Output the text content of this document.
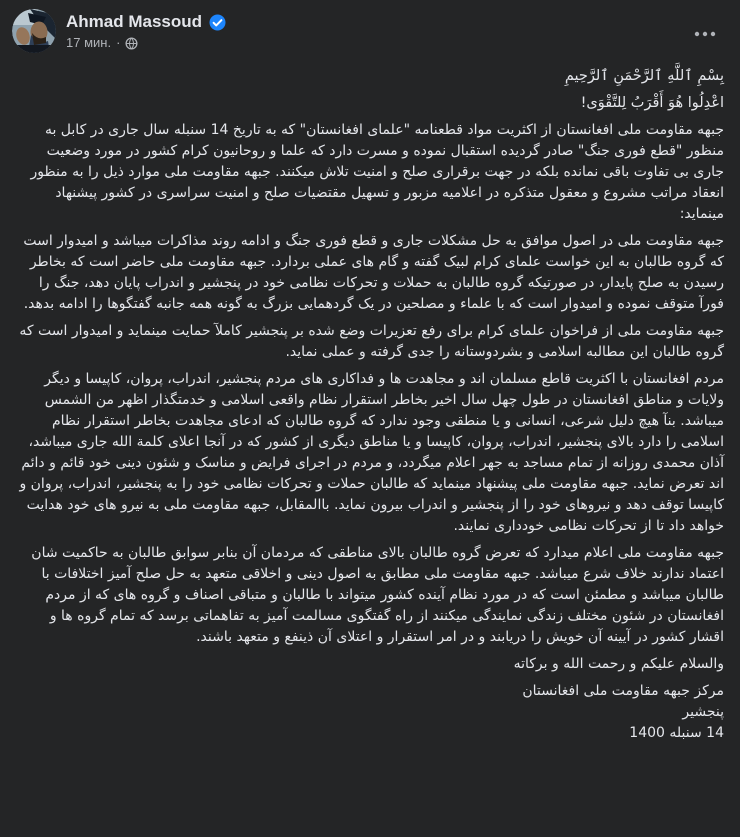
Ahmad Massoud
17 мин. ·

بِسْمِ ٱللَّهِ ٱلرَّحْمَنِ ٱلرَّحِيمِ

اعْدِلُوا هُوَ أَقْرَبُ لِلتَّقْوَى!

جبهه مقاومت ملی افغانستان از اکثریت مواد قطعنامه "علمای افغانستان" که به تاریخ 14 سنبله سال جاری در کابل به منظور "قطع فوری جنگ" صادر گردیده استقبال نموده و مسرت دارد که علما و روحانیون کرام کشور در مورد وضعیت جاری بی تفاوت باقی نمانده بلکه در جهت برقراری صلح و امنیت تلاش میکنند. جبهه مقاومت ملی موارد ذیل را به منظور انعقاد مراتب مشروع و معقول متذکره در اعلامیه مزبور و تسهیل مقتضیات صلح و امنیت سراسری در کشور پیشنهاد مینماید:

جبهه مقاومت ملی در اصول موافق به حل مشکلات جاری و قطع فوری جنگ و ادامه روند مذاکرات میباشد و امیدوار است که گروه طالبان به این خواست علمای کرام لبیک گفته و گام های عملی بردارد. جبهه مقاومت ملی حاضر است که بخاطر رسیدن به صلح پایدار، در صورتیکه گروه طالبان به حملات و تحرکات نظامی خود در پنجشیر و اندراب پایان دهد، جنگ را فورآ متوقف نموده و امیدوار است که با علماء و مصلحین در یک گردهمایی بزرگ به گونه همه جانبه گفتگوها را ادامه بدهد.

جبهه مقاومت ملی از فراخوان علمای کرام برای رفع تعزیرات وضع شده بر پنجشیر کاملآ حمایت مینماید و امیدوار است که گروه طالبان این مطالبه اسلامی و بشردوستانه را جدی گرفته و عملی نماید.

مردم افغانستان با اکثریت قاطع مسلمان اند و مجاهدت ها و فداکاری های مردم پنجشیر، اندراب، پروان، کاپیسا و دیگر ولایات و مناطق افغانستان در طول چهل سال اخیر بخاطر استقرار نظام واقعی اسلامی و خدمتگذار اظهر من الشمس میباشد. بنآ هیچ دلیل شرعی، انسانی و یا منطقی وجود ندارد که گروه طالبان که ادعای مجاهدت بخاطر استقرار نظام اسلامی را دارد بالای پنجشیر، اندراب، پروان، کاپیسا و یا مناطق دیگری از کشور که در آنجا اعلای کلمة الله جاری میباشد، آذان محمدی روزانه از تمام مساجد به جهر اعلام میگردد، و مردم در اجرای فرایض و مناسک و شئون دینی خود قائم و دائم اند تعرض نماید. جبهه مقاومت ملی پیشنهاد مینماید که طالبان حملات و تحرکات نظامی خود را به پنجشیر، اندراب، پروان و کاپیسا توقف دهد و نیروهای خود را از پنجشیر و اندراب بیرون نماید. باالمقابل، جبهه مقاومت ملی به نیرو های خود هدایت خواهد داد تا از تحرکات نظامی خودداری نمایند.

جبهه مقاومت ملی اعلام میدارد که تعرض گروه طالبان بالای مناطقی که مردمان آن بنابر سوابق طالبان به حاکمیت شان اعتماد ندارند خلاف شرع میباشد. جبهه مقاومت ملی مطابق به اصول دینی و اخلاقی متعهد به حل صلح آمیز اختلافات با طالبان میباشد و مطمئن است که در مورد نظام آینده کشور میتواند با طالبان و متباقی اصناف و گروه های که از مردم افغانستان در شئون مختلف زندگی نمایندگی میکنند از راه گفتگوی مسالمت آمیز به تفاهماتی برسد که تمام گروه ها و اقشار کشور در آیینه آن خویش را دریابند و در امر استقرار و اعتلای آن ذینفع و متعهد باشند.

والسلام علیکم و رحمت الله و برکاته

مرکز جبهه مقاومت ملی افغانستان

پنجشیر

14 سنبله 1400
